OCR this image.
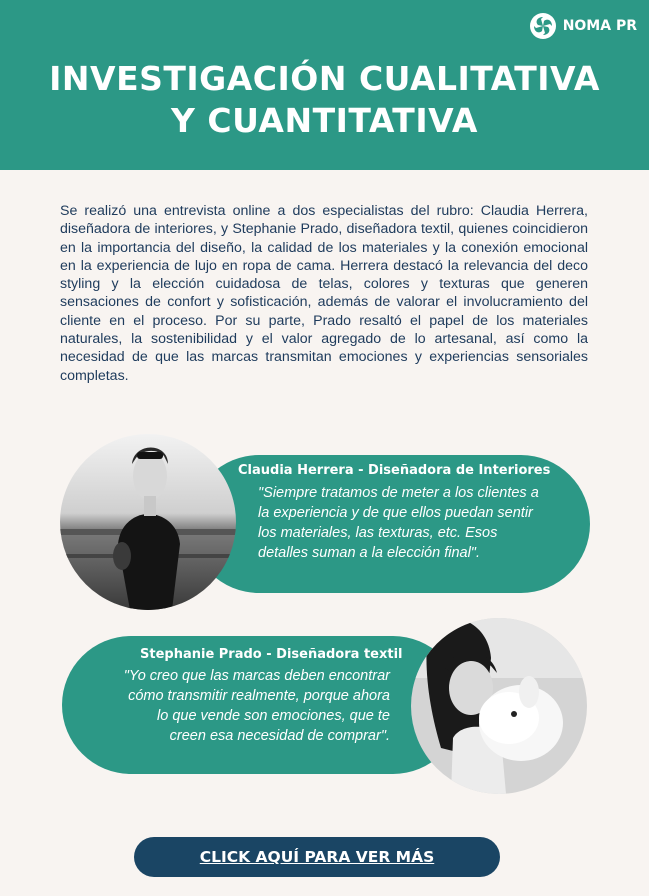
NOMA PR
INVESTIGACIÓN CUALITATIVA
Y CUANTITATIVA
Se realizó una entrevista online a dos especialistas del rubro: Claudia Herrera, diseñadora de interiores, y Stephanie Prado, diseñadora textil, quienes coincidieron en la importancia del diseño, la calidad de los materiales y la conexión emocional en la experiencia de lujo en ropa de cama. Herrera destacó la relevancia del deco styling y la elección cuidadosa de telas, colores y texturas que generen sensaciones de confort y sofisticación, además de valorar el involucramiento del cliente en el proceso. Por su parte, Prado resaltó el papel de los materiales naturales, la sostenibilidad y el valor agregado de lo artesanal, así como la necesidad de que las marcas transmitan emociones y experiencias sensoriales completas.
Claudia Herrera - Diseñadora de Interiores
"Siempre tratamos de meter a los clientes a la experiencia y de que ellos puedan sentir los materiales, las texturas, etc. Esos detalles suman a la elección final".
Stephanie Prado - Diseñadora textil
"Yo creo que las marcas deben encontrar cómo transmitir realmente, porque ahora lo que vende son emociones, que te creen esa necesidad de comprar".
CLICK AQUÍ PARA VER MÁS
